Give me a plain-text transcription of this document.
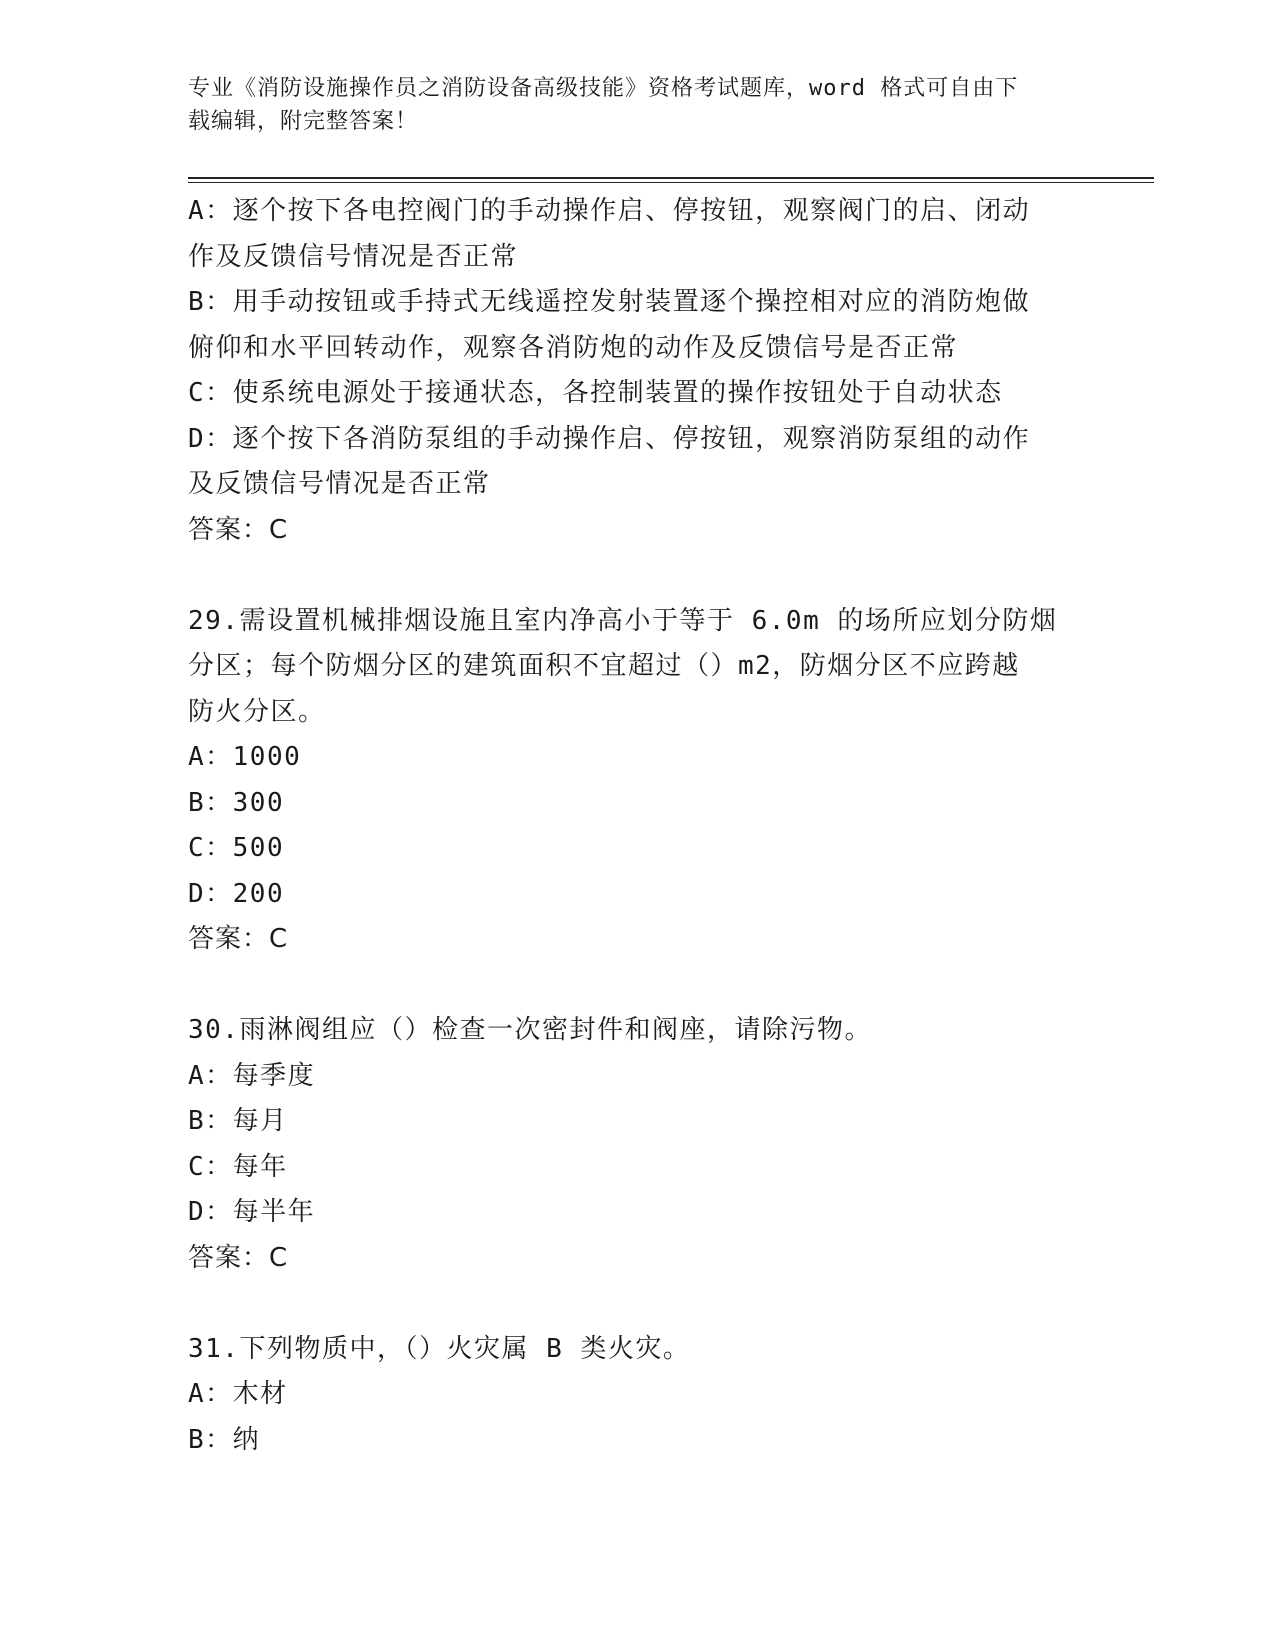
专业《消防设施操作员之消防设备高级技能》资格考试题库，word 格式可自由下
载编辑，附完整答案！
A：逐个按下各电控阀门的手动操作启、停按钮，观察阀门的启、闭动
作及反馈信号情况是否正常
B：用手动按钮或手持式无线遥控发射装置逐个操控相对应的消防炮做
俯仰和水平回转动作，观察各消防炮的动作及反馈信号是否正常
C：使系统电源处于接通状态，各控制装置的操作按钮处于自动状态
D：逐个按下各消防泵组的手动操作启、停按钮，观察消防泵组的动作
及反馈信号情况是否正常
答案：C
29.需设置机械排烟设施且室内净高小于等于 6.0m 的场所应划分防烟
分区；每个防烟分区的建筑面积不宜超过（）m2，防烟分区不应跨越
防火分区。
A：1000
B：300
C：500
D：200
答案：C
30.雨淋阀组应（）检查一次密封件和阀座，请除污物。
A：每季度
B：每月
C：每年
D：每半年
答案：C
31.下列物质中，（）火灾属 B 类火灾。
A：木材
B：纳
